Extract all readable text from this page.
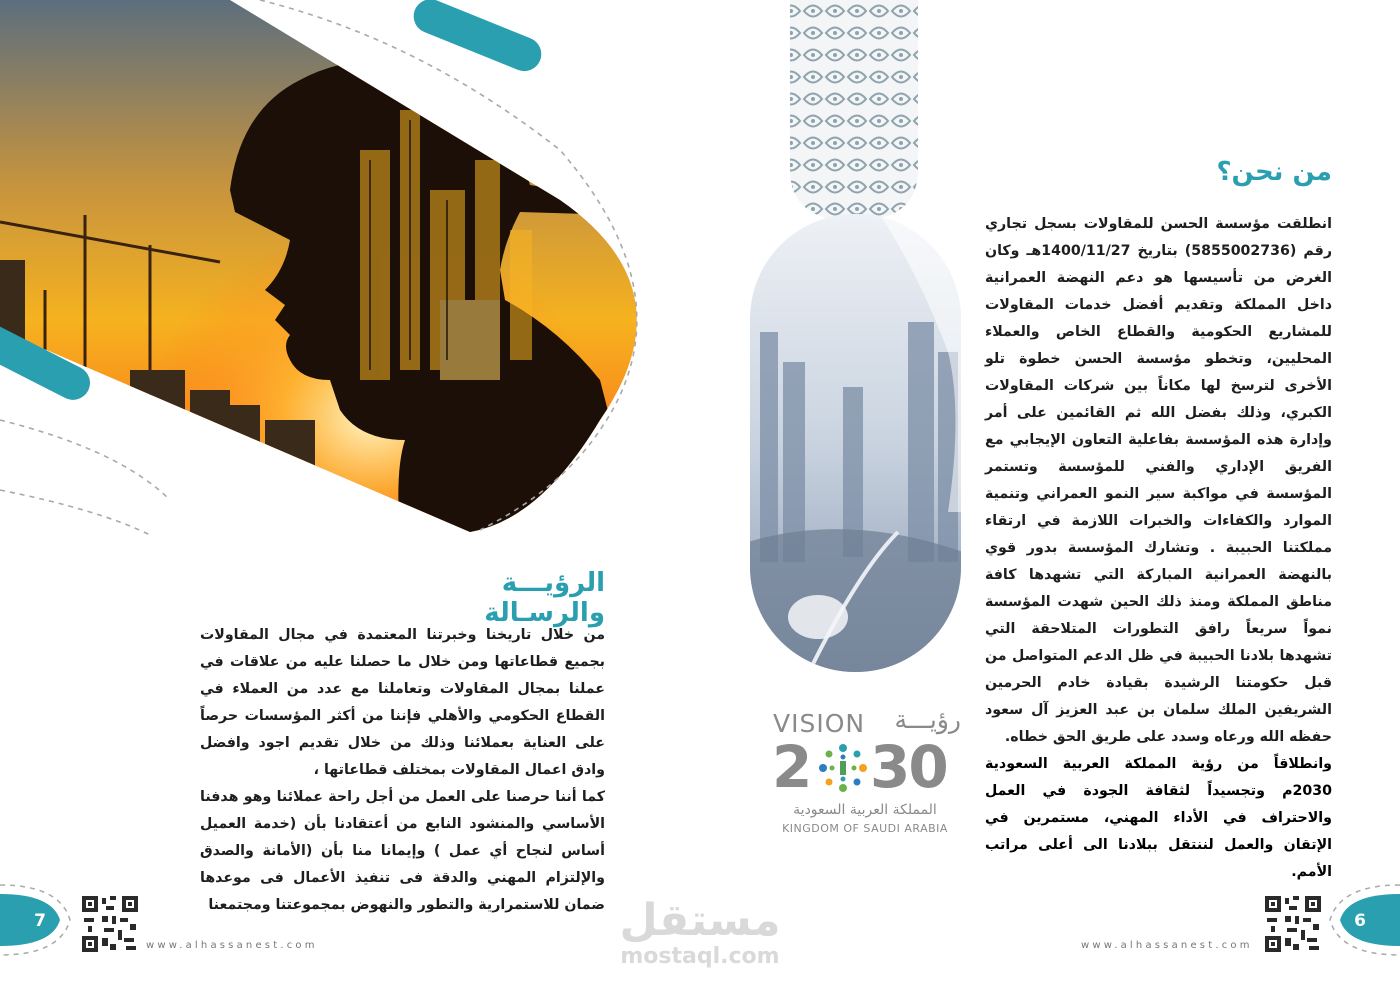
الرؤيـــة والرسـالة

من خلال تاريخنا وخبرتنا المعتمدة في مجال المقاولات بجميع قطاعاتها ومن خلال ما حصلنا عليه من علاقات في عملنا بمجال المقاولات وتعاملنا مع عدد من العملاء في القطاع الحكومي والأهلي فإننا من أكثر المؤسسات حرصاً على العناية بعملائنا وذلك من خلال تقديم اجود وافضل وادق اعمال المقاولات بمختلف قطاعاتها ،

كما أننا حرصنا على العمل من أجل راحة عملائنا وهو هدفنا الأساسي والمنشود النابع من أعتقادنا بأن (خدمة العميل أساس لنجاح أي عمل ) وإيمانا منا بأن (الأمانة والصدق والإلتزام المهني والدقة فى تنفيذ الأعمال فى موعدها ضمان للاستمرارية والتطور والنهوض بمجموعتنا ومجتمعنا

7
www.alhassanest.com	مستقل
mostaql.com
من نحن؟

انطلقت مؤسسة الحسن للمقاولات بسجل تجاري رقم (5855002736) بتاريخ 1400/11/27هـ وكان الغرض من تأسيسها هو دعم النهضة العمرانية داخل المملكة وتقديم أفضل خدمات المقاولات للمشاريع الحكومية والقطاع الخاص والعملاء المحليين، وتخطو مؤسسة الحسن خطوة تلو الأخرى لترسخ لها مكاناً بين شركات المقاولات الكبري، وذلك بفضل الله ثم القائمين على أمر وإدارة هذه المؤسسة بفاعلية التعاون الإيجابي مع الفريق الإداري والفني للمؤسسة وتستمر المؤسسة في مواكبة سير النمو العمراني وتنمية الموارد والكفاءات والخبرات اللازمة في ارتقاء مملكتنا الحبيبة . وتشارك المؤسسة بدور قوي بالنهضة العمرانية المباركة التي تشهدها كافة مناطق المملكة ومنذ ذلك الحين شهدت المؤسسة نمواً سريعاً رافق التطورات المتلاحقة التي تشهدها بلادنا الحبيبة في ظل الدعم المتواصل من قبل حكومتنا الرشيدة بقيادة خادم الحرمين الشريفين الملك سلمان بن عبد العزيز آل سعود حفظه الله ورعاه وسدد على طريق الحق خطاه.

وانطلاقاً من رؤية المملكة العربية السعودية 2030م وتجسيداً لثقافة الجودة في العمل والاحتراف في الأداء المهني، مستمرين في الإتقان والعمل لننتقل ببلادنا الى أعلى مراتب الأمم.

VISION رؤيـــة
2 30
المملكة العربية السعودية
KINGDOM OF SAUDI ARABIA
6
www.alhassanest.com
